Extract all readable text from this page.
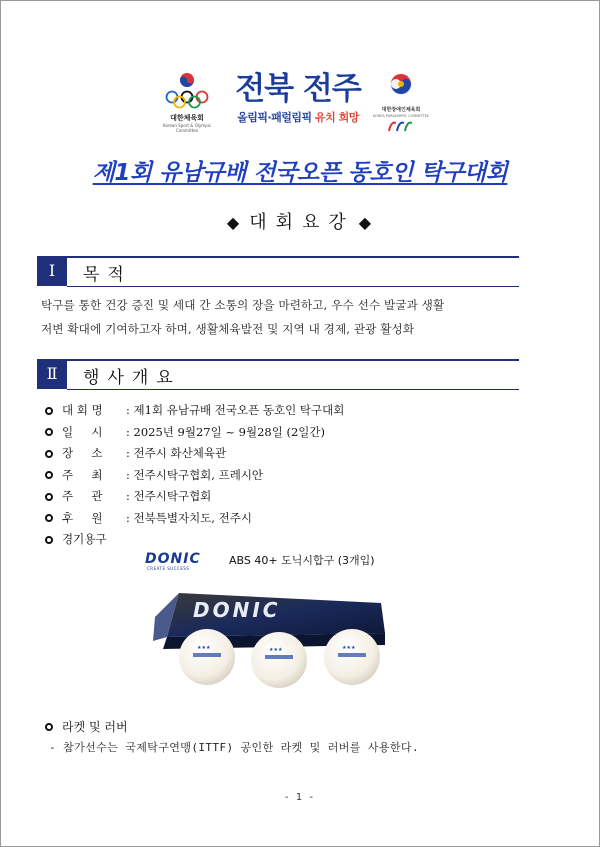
대한체육회
Korean Sport & Olympic Committee
전북 전주
올림픽·패럴림픽 유치 희망
대한장애인체육회
KOREA PARALYMPIC COMMITTEE
제1회 유남규배 전국오픈 동호인 탁구대회
◆ 대회요강 ◆
Ⅰ	목적
탁구를 통한 건강 증진 및 세대 간 소통의 장을 마련하고, 우수 선수 발굴과 생활
저변 확대에 기여하고자 하며, 생활체육발전 및 지역 내 경제, 관광 활성화
Ⅱ	행사개요
대 회 명	: 제1회 유남규배 전국오픈 동호인 탁구대회
일     시	: 2025년 9월27일 ~ 9월28일 (2일간)
장     소	: 전주시 화산체육관
주     최	: 전주시탁구협회, 프레시안
주     관	: 전주시탁구협회
후     원	: 전북특별자치도, 전주시
경기용구
DONIC
CREATE SUCCESS
ABS 40+ 도닉시합구 (3개입)
DONIC
★★★	★★★	★★★
라켓 및 러버
- 참가선수는 국제탁구연맹(ITTF) 공인한 라켓 및 러버를 사용한다.
- 1 -
